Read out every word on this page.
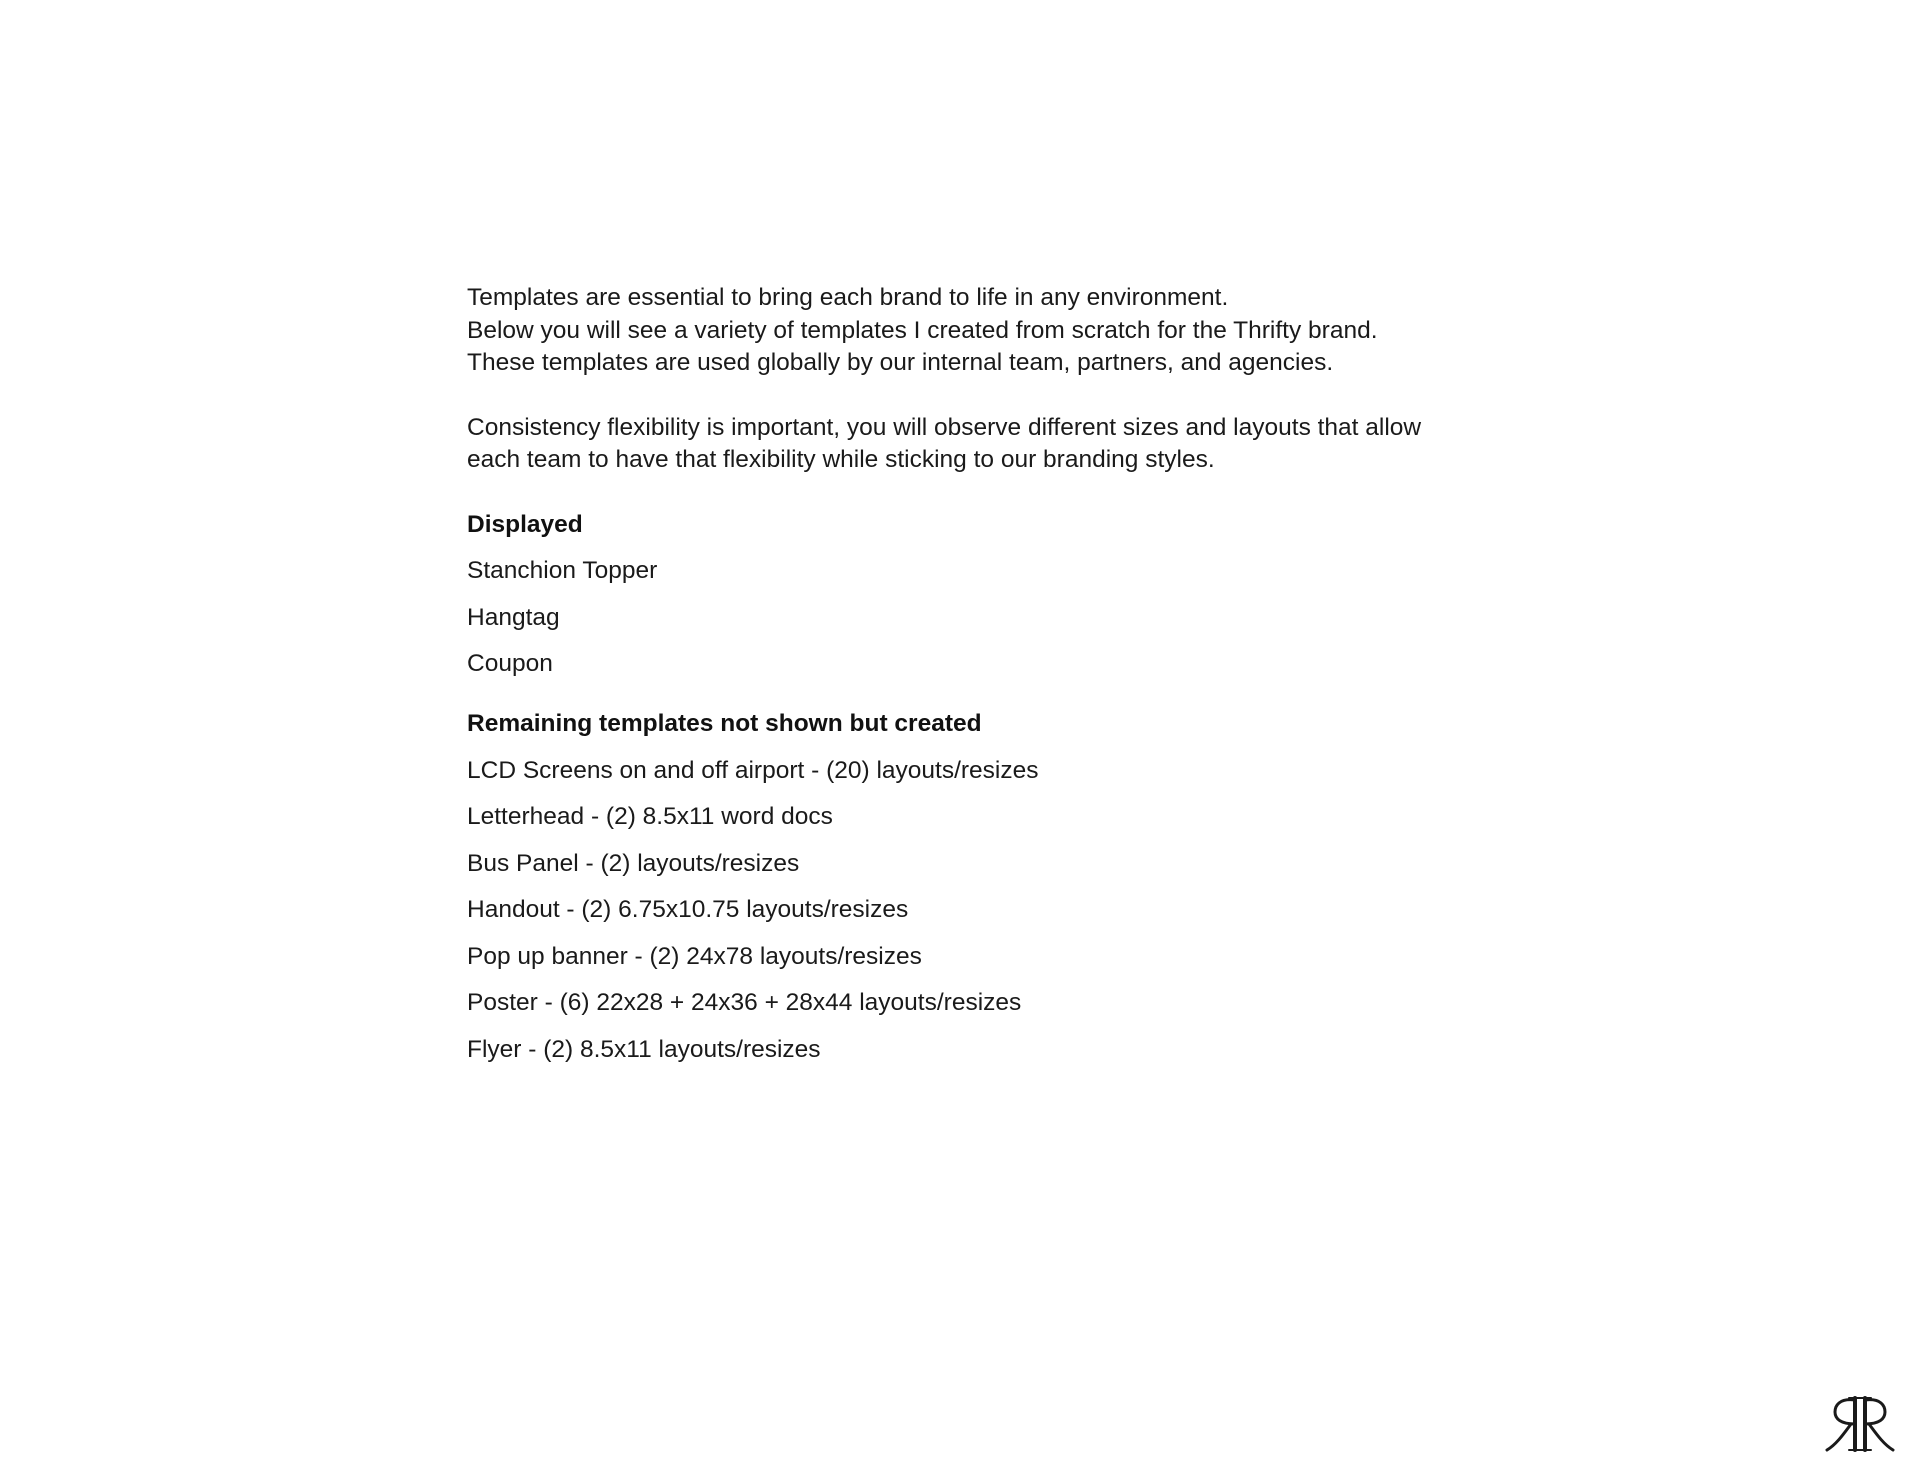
Templates are essential to bring each brand to life in any environment.

Below you will see a variety of templates I created from scratch for the Thrifty brand.

These templates are used globally by our internal team, partners, and agencies.

Consistency flexibility is important, you will observe different sizes and layouts that allow

each team to have that flexibility while sticking to our branding styles.

Displayed
Stanchion Topper
Hangtag
Coupon
Remaining templates not shown but created
LCD Screens on and off airport - (20) layouts/resizes
Letterhead - (2) 8.5x11 word docs
Bus Panel - (2) layouts/resizes
Handout - (2) 6.75x10.75 layouts/resizes
Pop up banner - (2) 24x78 layouts/resizes
Poster - (6) 22x28 + 24x36 + 28x44 layouts/resizes
Flyer - (2) 8.5x11 layouts/resizes
